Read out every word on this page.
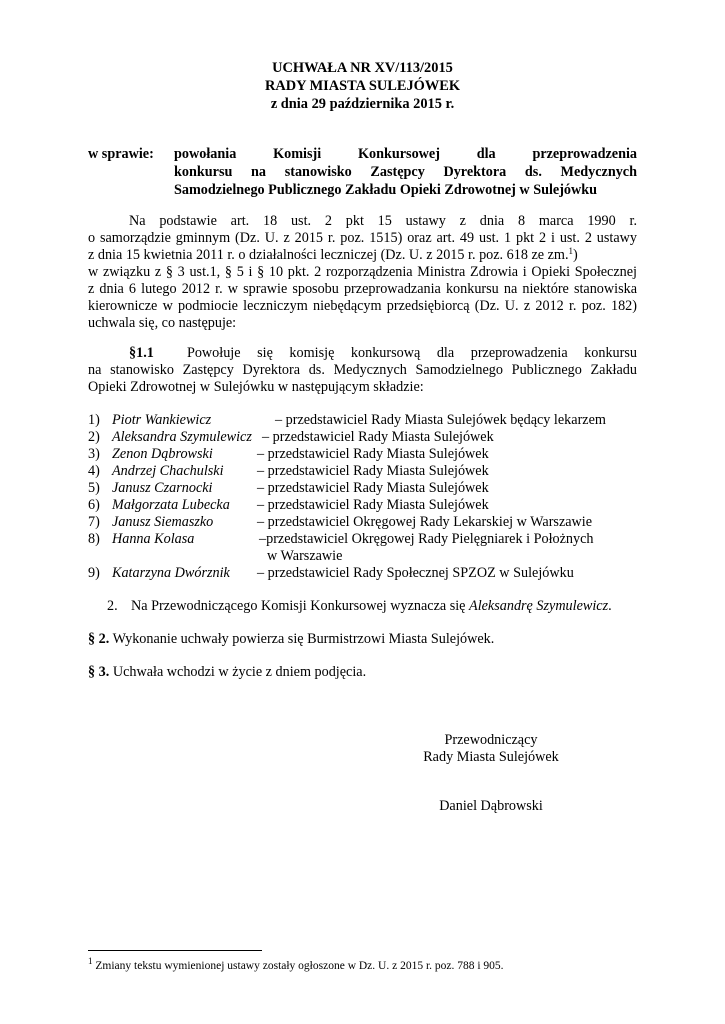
UCHWAŁA NR XV/113/2015
RADY MIASTA SULEJÓWEK
z dnia 29 października 2015 r.
w sprawie: powołania Komisji Konkursowej dla przeprowadzenia
konkursu na stanowisko Zastępcy Dyrektora ds. Medycznych
Samodzielnego Publicznego Zakładu Opieki Zdrowotnej w Sulejówku
Na podstawie art. 18 ust. 2 pkt 15 ustawy z dnia 8 marca 1990 r.
o samorządzie gminnym (Dz. U. z 2015 r. poz. 1515) oraz art. 49 ust. 1 pkt 2 i ust. 2 ustawy
z dnia 15 kwietnia 2011 r. o działalności leczniczej (Dz. U. z 2015 r. poz. 618 ze zm.$^1$)
w związku z § 3 ust.1, § 5 i § 10 pkt. 2 rozporządzenia Ministra Zdrowia i Opieki Społecznej
z dnia 6 lutego 2012 r. w sprawie sposobu przeprowadzania konkursu na niektóre stanowiska
kierownicze w podmiocie leczniczym niebędącym przedsiębiorcą (Dz. U. z 2012 r. poz. 182)
uchwala się, co następuje:
§1.1 Powołuje się komisję konkursową dla przeprowadzenia konkursu
na stanowisko Zastępcy Dyrektora ds. Medycznych Samodzielnego Publicznego Zakładu
Opieki Zdrowotnej w Sulejówku w następującym składzie:
1) Piotr Wankiewicz	– przedstawiciel Rady Miasta Sulejówek będący lekarzem
2) Aleksandra Szymulewicz – przedstawiciel Rady Miasta Sulejówek
3) Zenon Dąbrowski	– przedstawiciel Rady Miasta Sulejówek
4) Andrzej Chachulski – przedstawiciel Rady Miasta Sulejówek
5) Janusz Czarnocki	– przedstawiciel Rady Miasta Sulejówek
6) Małgorzata Lubecka – przedstawiciel Rady Miasta Sulejówek
7) Janusz Siemaszko	– przedstawiciel Okręgowej Rady Lekarskiej w Warszawie
8) Hanna Kolasa	–przedstawiciel Okręgowej Rady Pielęgniarek i Położnych
w Warszawie
9) Katarzyna Dwórznik – przedstawiciel Rady Społecznej SPZOZ w Sulejówku
2. Na Przewodniczącego Komisji Konkursowej wyznacza się Aleksandrę Szymulewicz.
§ 2. Wykonanie uchwały powierza się Burmistrzowi Miasta Sulejówek.
§ 3. Uchwała wchodzi w życie z dniem podjęcia.
Przewodniczący
Rady Miasta Sulejówek
Daniel Dąbrowski
$^1$ Zmiany tekstu wymienionej ustawy zostały ogłoszone w Dz. U. z 2015 r. poz. 788 i 905.
